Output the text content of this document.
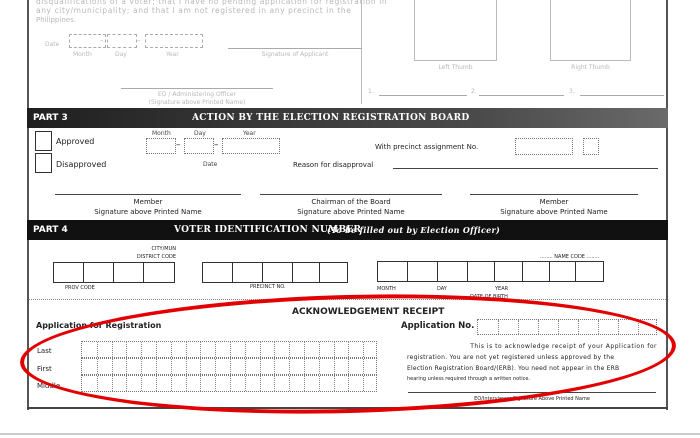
disqualifications of a voter; that I have no pending application for registration in
any city/municipality; and that I am not registered in any precinct in the
Philippines.
Date
–	–
Month	Day	Year	Signature of Applicant
EO / Administering Officer
(Signature above Printed Name)
Left Thumb	Right Thumb
1.	2.	3.
PART 3	ACTION BY THE ELECTION REGISTRATION BOARD
Approved
Disapproved
Month	Day	Year
–	–
Date
With precinct assignment No.
Reason for disapproval
Member
Signature above Printed Name
Chairman of the Board
Signature above Printed Name
Member
Signature above Printed Name
PART 4	VOTER IDENTIFICATION NUMBER
(To be filled out by Election Officer)
CITY/MUN
DISTRICT CODE
PROV CODE	PRECINCT NO.
........ NAME CODE ........
MONTH	DAY	YEAR
DATE OF BIRTH
ACKNOWLEDGEMENT RECEIPT
Application for Registration	Application No.
Last
First
Middle
This is to acknowledge receipt of your Application for
registration. You are not yet registered unless approved by the
Election Registration Board/(ERB). You need not appear in the ERB
hearing unless required through a written notice.
EO/Interviewer Signature Above Printed Name
